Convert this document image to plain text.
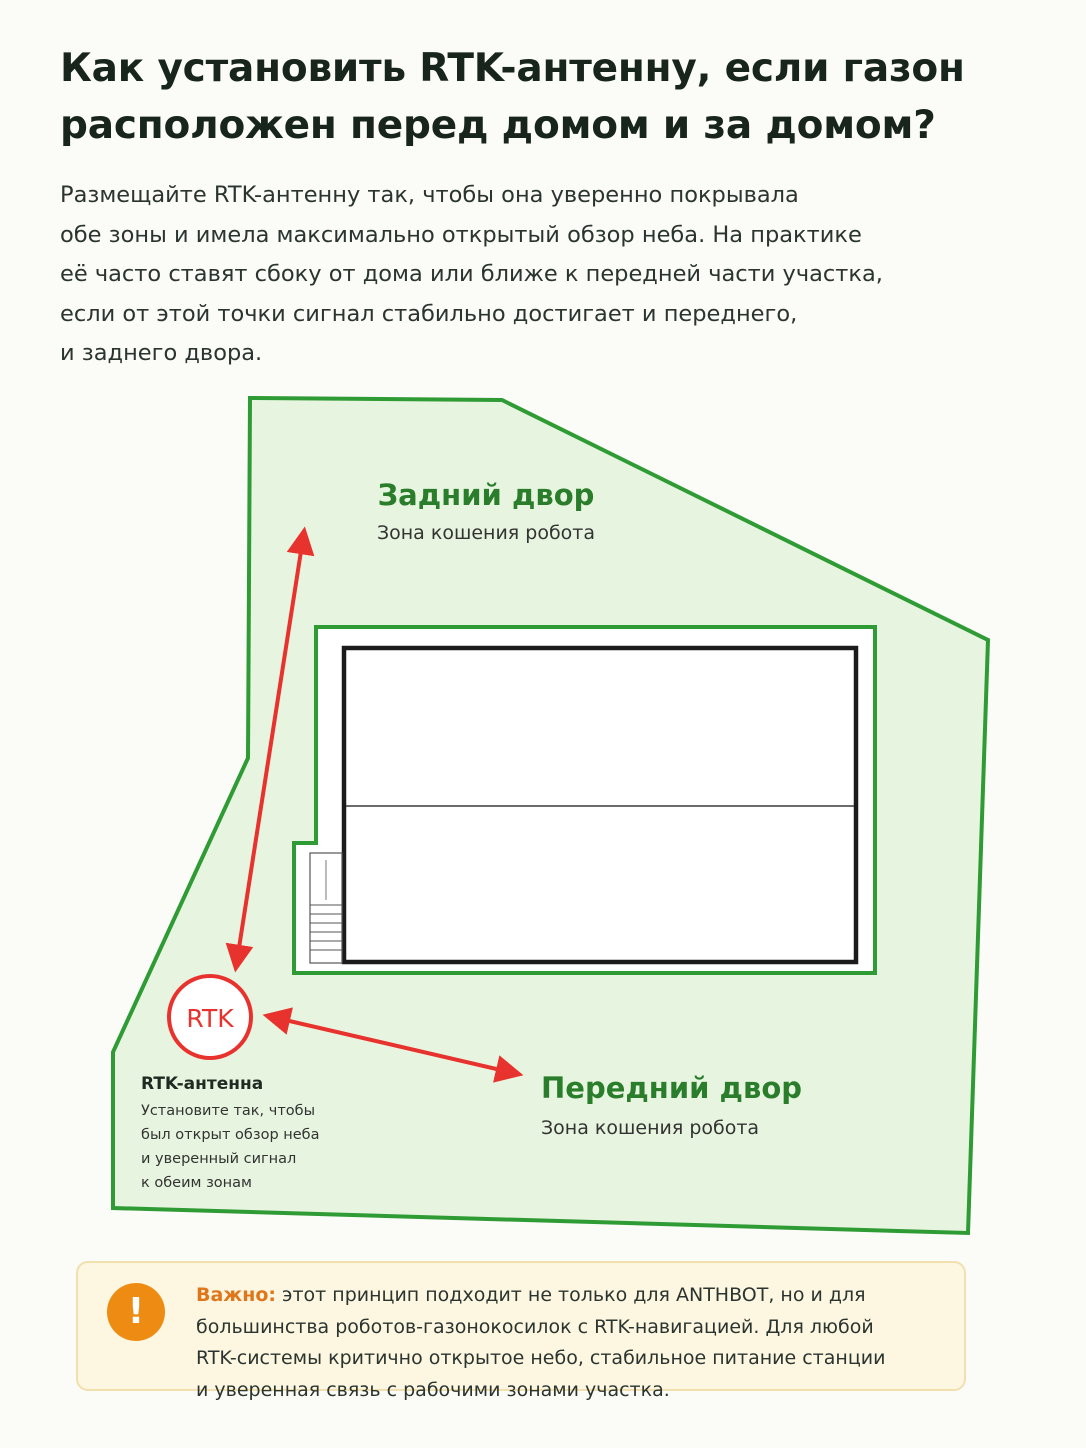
Как установить RTK-антенну, если газон
расположен перед домом и за домом?

Размещайте RTK-антенну так, чтобы она уверенно покрывала
обе зоны и имела максимально открытый обзор неба. На практике
её часто ставят сбоку от дома или ближе к передней части участка,
если от этой точки сигнал стабильно достигает и переднего,
и заднего двора.

RTK
Задний двор
Зона кошения робота
Передний двор
Зона кошения робота
RTK-антенна
Установите так, чтобы
был открыт обзор неба
и уверенный сигнал
к обеим зонам
!	Важно: этот принцип подходит не только для ANTHBOT, но и для
большинства роботов-газонокосилок с RTK-навигацией. Для любой
RTK-системы критично открытое небо, стабильное питание станции
и уверенная связь с рабочими зонами участка.
